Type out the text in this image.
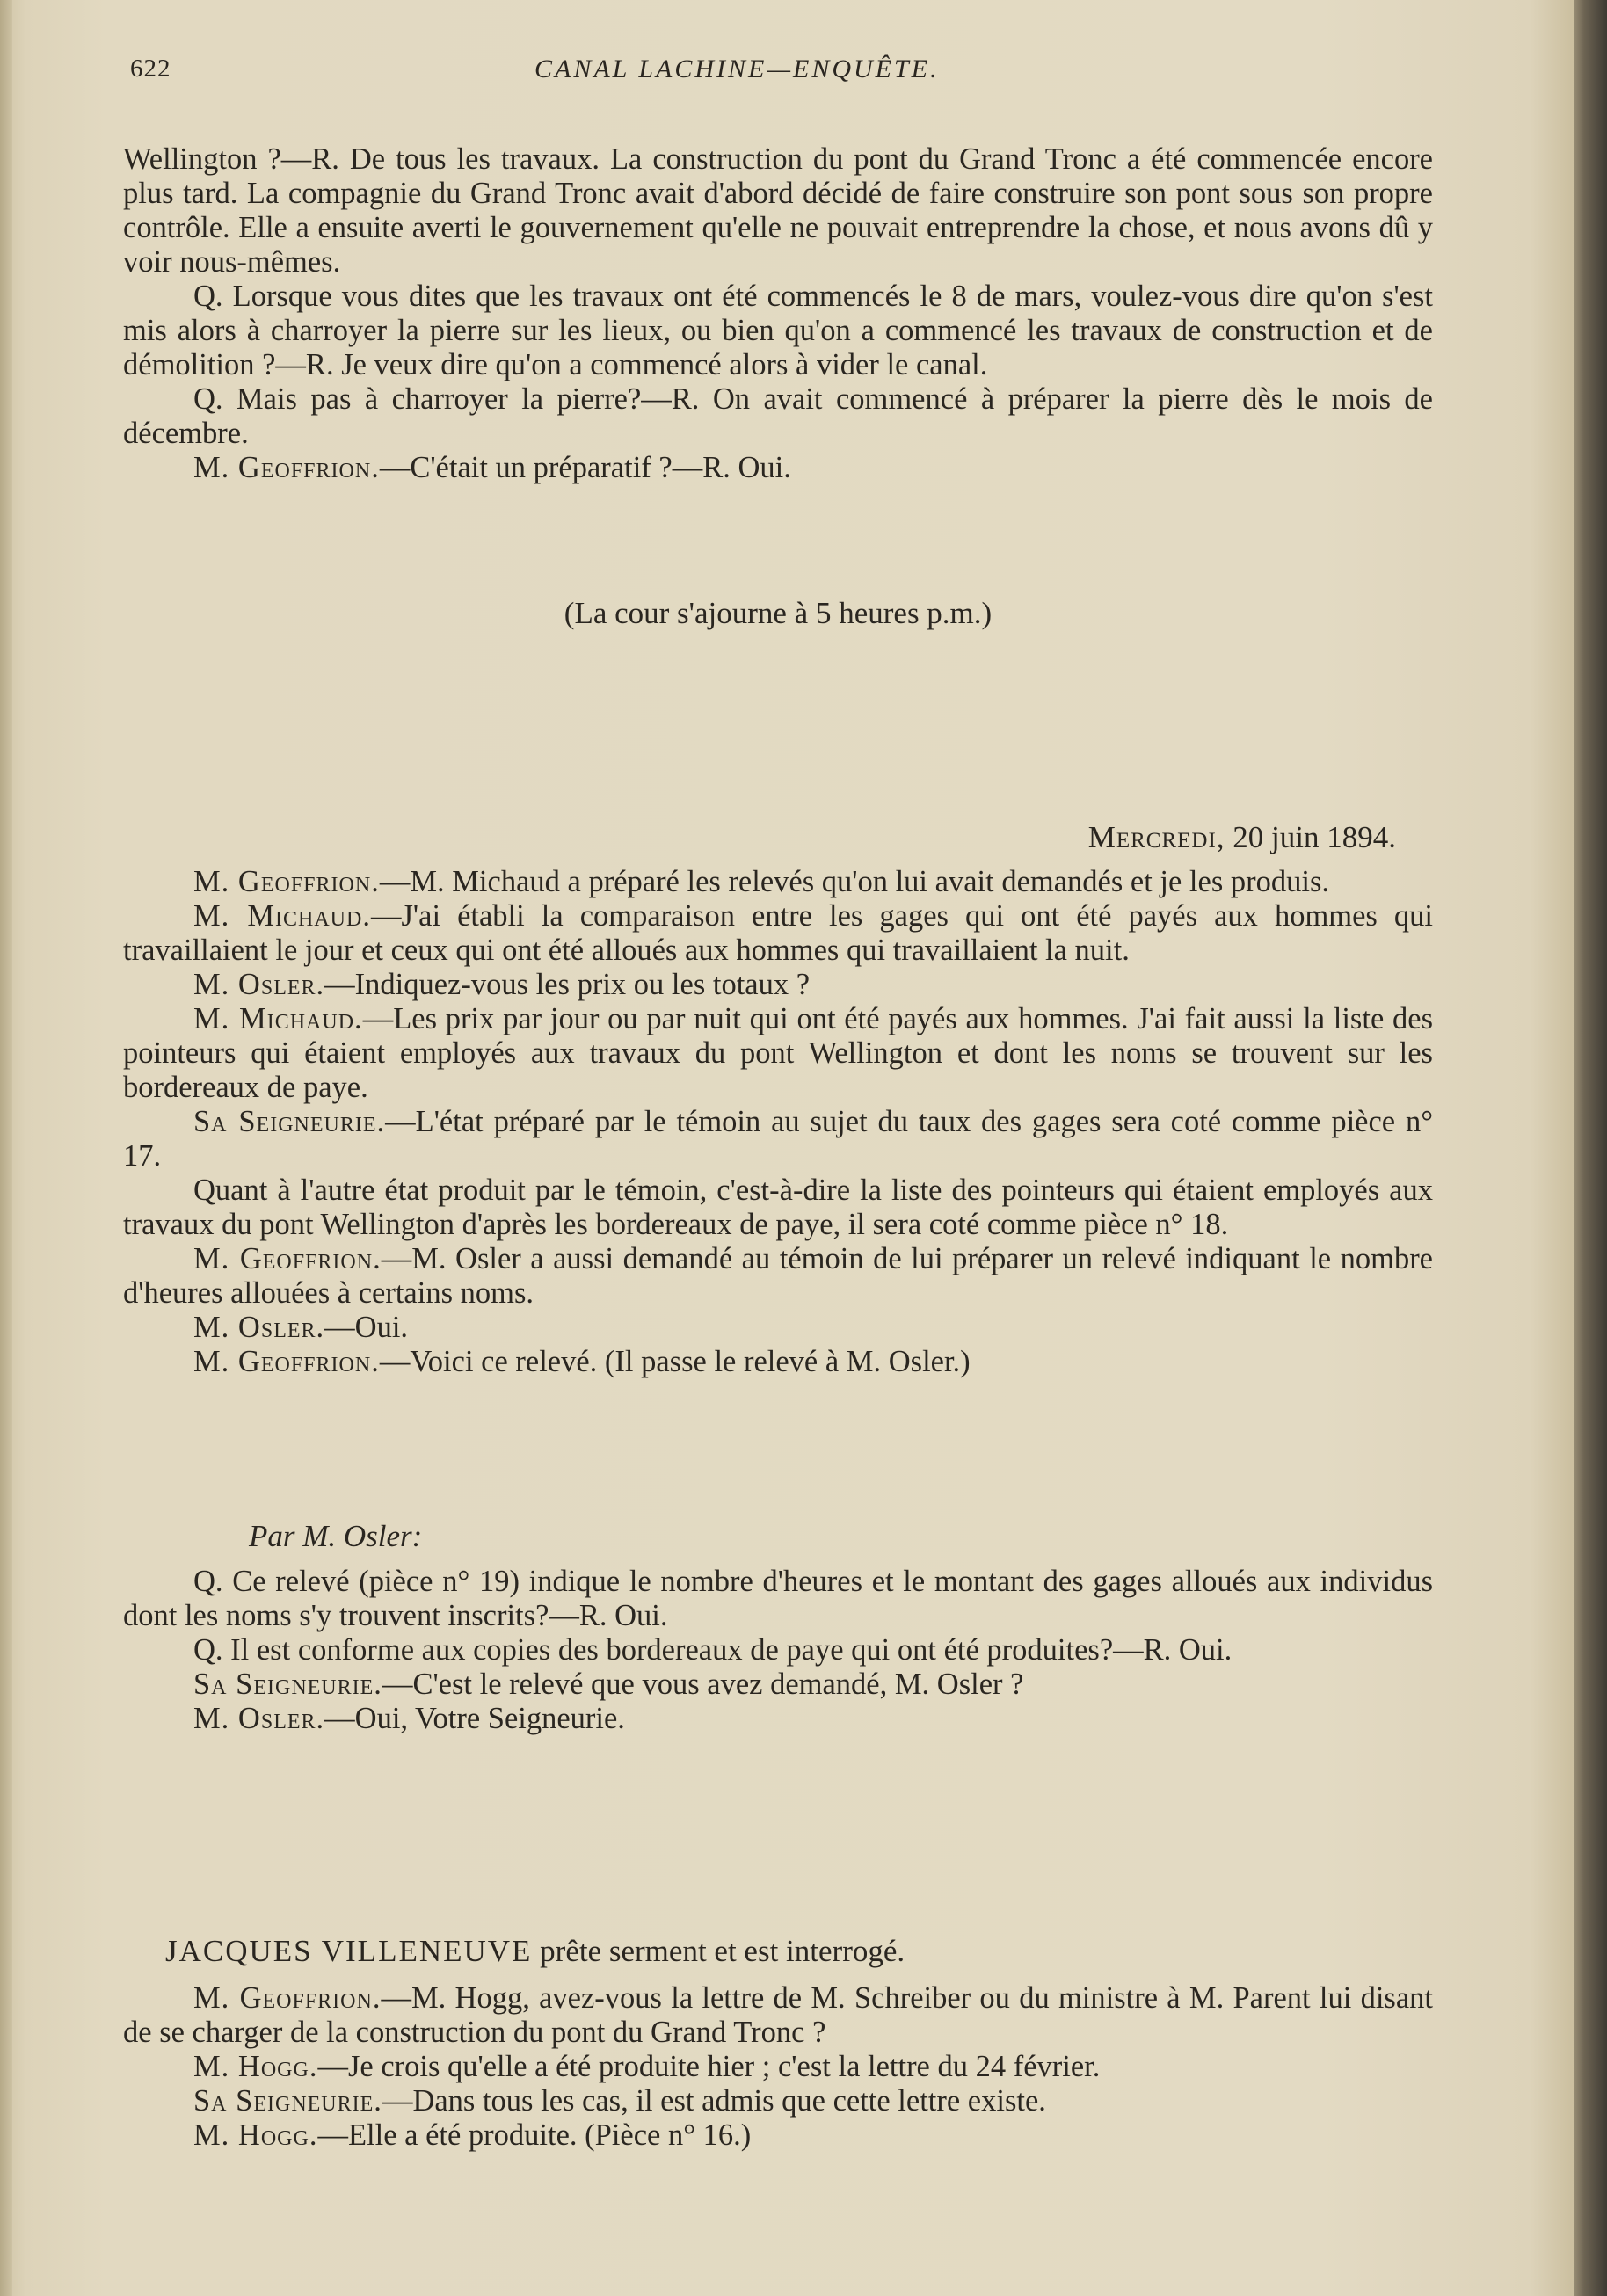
622	CANAL LACHINE—ENQUÊTE.

Wellington ?—R. De tous les travaux. La construction du pont du Grand Tronc a été commencée encore plus tard. La compagnie du Grand Tronc avait d'abord décidé de faire construire son pont sous son propre contrôle. Elle a ensuite averti le gouvernement qu'elle ne pouvait entreprendre la chose, et nous avons dû y voir nous-mêmes.

Q. Lorsque vous dites que les travaux ont été commencés le 8 de mars, voulez-vous dire qu'on s'est mis alors à charroyer la pierre sur les lieux, ou bien qu'on a commencé les travaux de construction et de démolition ?—R. Je veux dire qu'on a commencé alors à vider le canal.

Q. Mais pas à charroyer la pierre?—R. On avait commencé à préparer la pierre dès le mois de décembre.

M. Geoffrion.—C'était un préparatif ?—R. Oui.

(La cour s'ajourne à 5 heures p.m.)
Mercredi, 20 juin 1894.

M. Geoffrion.—M. Michaud a préparé les relevés qu'on lui avait demandés et je les produis.

M. Michaud.—J'ai établi la comparaison entre les gages qui ont été payés aux hommes qui travaillaient le jour et ceux qui ont été alloués aux hommes qui travaillaient la nuit.

M. Osler.—Indiquez-vous les prix ou les totaux ?

M. Michaud.—Les prix par jour ou par nuit qui ont été payés aux hommes. J'ai fait aussi la liste des pointeurs qui étaient employés aux travaux du pont Wellington et dont les noms se trouvent sur les bordereaux de paye.

Sa Seigneurie.—L'état préparé par le témoin au sujet du taux des gages sera coté comme pièce n° 17.

Quant à l'autre état produit par le témoin, c'est-à-dire la liste des pointeurs qui étaient employés aux travaux du pont Wellington d'après les bordereaux de paye, il sera coté comme pièce n° 18.

M. Geoffrion.—M. Osler a aussi demandé au témoin de lui préparer un relevé indiquant le nombre d'heures allouées à certains noms.

M. Osler.—Oui.

M. Geoffrion.—Voici ce relevé. (Il passe le relevé à M. Osler.)

Par M. Osler:

Q. Ce relevé (pièce n° 19) indique le nombre d'heures et le montant des gages alloués aux individus dont les noms s'y trouvent inscrits?—R. Oui.

Q. Il est conforme aux copies des bordereaux de paye qui ont été produites?—R. Oui.

Sa Seigneurie.—C'est le relevé que vous avez demandé, M. Osler ?

M. Osler.—Oui, Votre Seigneurie.

JACQUES VILLENEUVE prête serment et est interrogé.

M. Geoffrion.—M. Hogg, avez-vous la lettre de M. Schreiber ou du ministre à M. Parent lui disant de se charger de la construction du pont du Grand Tronc ?

M. Hogg.—Je crois qu'elle a été produite hier ; c'est la lettre du 24 février.

Sa Seigneurie.—Dans tous les cas, il est admis que cette lettre existe.

M. Hogg.—Elle a été produite. (Pièce n° 16.)
